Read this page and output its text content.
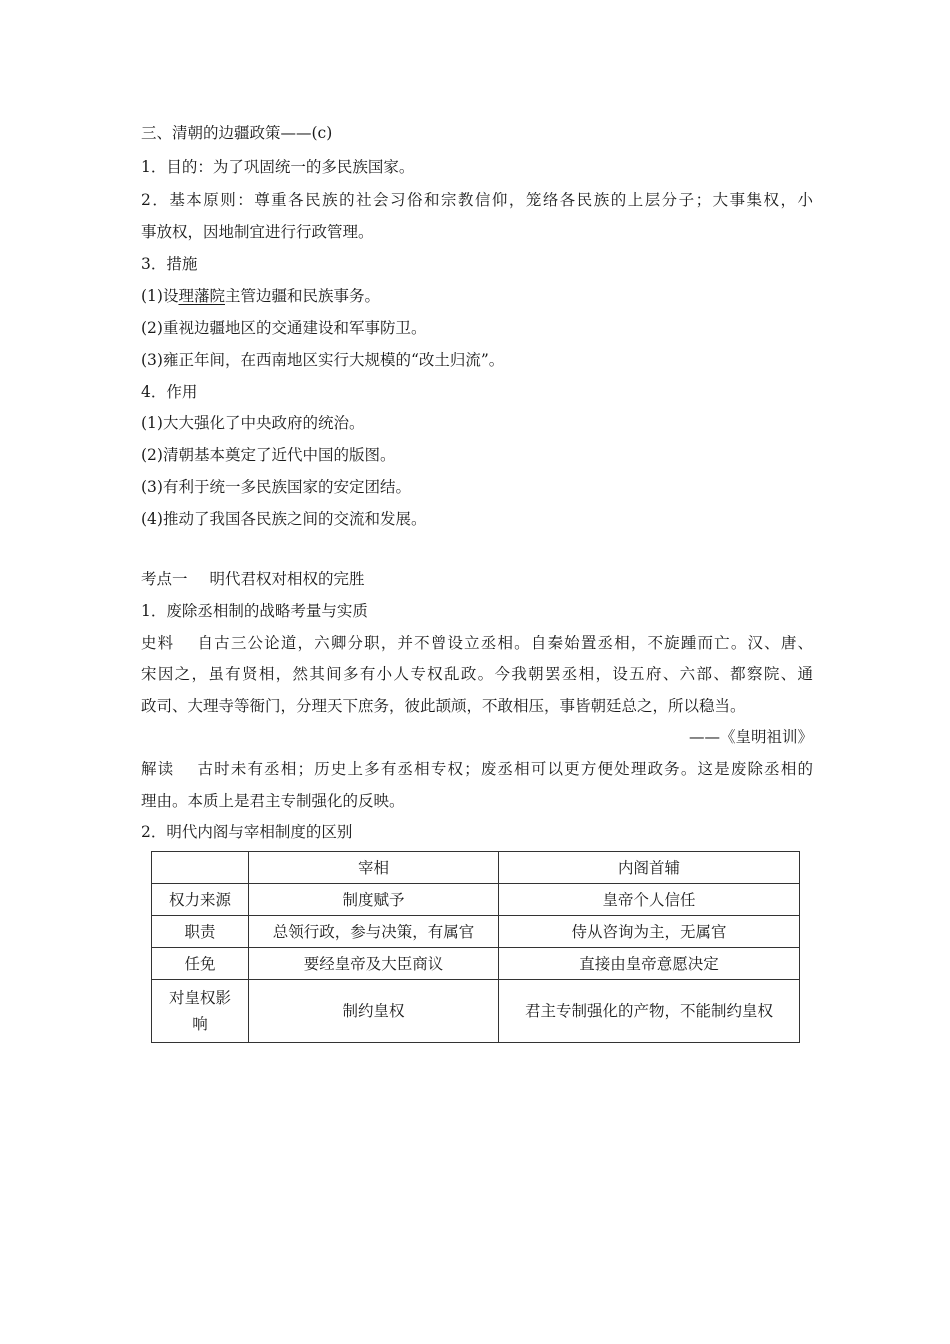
三、清朝的边疆政策——(c)
1．目的：为了巩固统一的多民族国家。
2．基本原则：尊重各民族的社会习俗和宗教信仰，笼络各民族的上层分子；大事集权，小
事放权，因地制宜进行行政管理。
3．措施
(1)设理藩院主管边疆和民族事务。
(2)重视边疆地区的交通建设和军事防卫。
(3)雍正年间，在西南地区实行大规模的“改土归流”。
4．作用
(1)大大强化了中央政府的统治。
(2)清朝基本奠定了近代中国的版图。
(3)有利于统一多民族国家的安定团结。
(4)推动了我国各民族之间的交流和发展。
考点一 明代君权对相权的完胜
1．废除丞相制的战略考量与实质
史料 自古三公论道，六卿分职，并不曾设立丞相。自秦始置丞相，不旋踵而亡。汉、唐、
宋因之，虽有贤相，然其间多有小人专权乱政。今我朝罢丞相，设五府、六部、都察院、通
政司、大理寺等衙门，分理天下庶务，彼此颉颃，不敢相压，事皆朝廷总之，所以稳当。
——《皇明祖训》
解读 古时未有丞相；历史上多有丞相专权；废丞相可以更方便处理政务。这是废除丞相的
理由。本质上是君主专制强化的反映。
2．明代内阁与宰相制度的区别
	宰相	内阁首辅
权力来源	制度赋予	皇帝个人信任
职责	总领行政，参与决策，有属官	侍从咨询为主，无属官
任免	要经皇帝及大臣商议	直接由皇帝意愿决定
对皇权影响	制约皇权	君主专制强化的产物，不能制约皇权
